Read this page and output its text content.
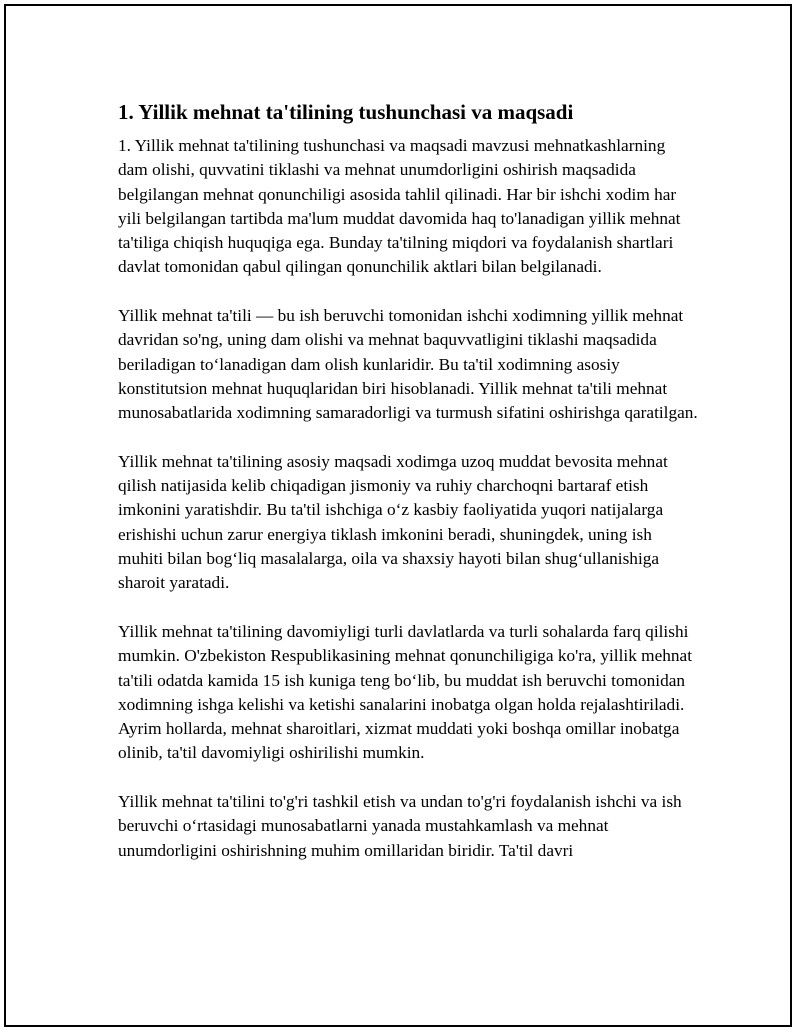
1. Yillik mehnat ta'tilining tushunchasi va maqsadi

1. Yillik mehnat ta'tilining tushunchasi va maqsadi mavzusi mehnatkashlarning dam olishi, quvvatini tiklashi va mehnat unumdorligini oshirish maqsadida belgilangan mehnat qonunchiligi asosida tahlil qilinadi. Har bir ishchi xodim har yili belgilangan tartibda ma'lum muddat davomida haq to'lanadigan yillik mehnat ta'tiliga chiqish huquqiga ega. Bunday ta'tilning miqdori va foydalanish shartlari davlat tomonidan qabul qilingan qonunchilik aktlari bilan belgilanadi.

Yillik mehnat ta'tili — bu ish beruvchi tomonidan ishchi xodimning yillik mehnat davridan so'ng, uning dam olishi va mehnat baquvvatligini tiklashi maqsadida beriladigan to‘lanadigan dam olish kunlaridir. Bu ta'til xodimning asosiy konstitutsion mehnat huquqlaridan biri hisoblanadi. Yillik mehnat ta'tili mehnat munosabatlarida xodimning samaradorligi va turmush sifatini oshirishga qaratilgan.

Yillik mehnat ta'tilining asosiy maqsadi xodimga uzoq muddat bevosita mehnat qilish natijasida kelib chiqadigan jismoniy va ruhiy charchoqni bartaraf etish imkonini yaratishdir. Bu ta'til ishchiga o‘z kasbiy faoliyatida yuqori natijalarga erishishi uchun zarur energiya tiklash imkonini beradi, shuningdek, uning ish muhiti bilan bog‘liq masalalarga, oila va shaxsiy hayoti bilan shug‘ullanishiga sharoit yaratadi.

Yillik mehnat ta'tilining davomiyligi turli davlatlarda va turli sohalarda farq qilishi mumkin. O'zbekiston Respublikasining mehnat qonunchiligiga ko'ra, yillik mehnat ta'tili odatda kamida 15 ish kuniga teng bo‘lib, bu muddat ish beruvchi tomonidan xodimning ishga kelishi va ketishi sanalarini inobatga olgan holda rejalashtiriladi. Ayrim hollarda, mehnat sharoitlari, xizmat muddati yoki boshqa omillar inobatga olinib, ta'til davomiyligi oshirilishi mumkin.

Yillik mehnat ta'tilini to'g'ri tashkil etish va undan to'g'ri foydalanish ishchi va ish beruvchi o‘rtasidagi munosabatlarni yanada mustahkamlash va mehnat unumdorligini oshirishning muhim omillaridan biridir. Ta'til davri
